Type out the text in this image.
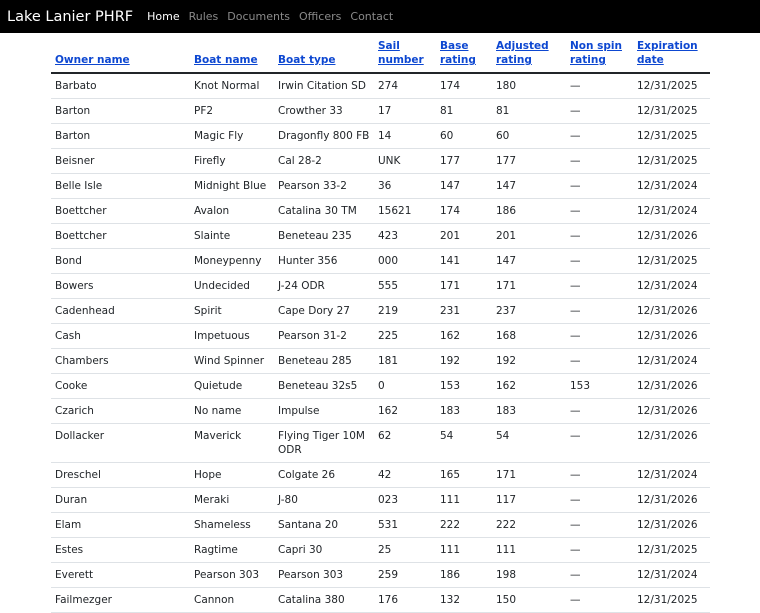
Lake Lanier PHRF Home Rules Documents Officers Contact
Owner name	Boat name	Boat type	Sail number	Base rating	Adjusted rating	Non spin rating	Expiration date
Barbato	Knot Normal	Irwin Citation SD	274	174	180	—	12/31/2025
Barton	PF2	Crowther 33	17	81	81	—	12/31/2025
Barton	Magic Fly	Dragonfly 800 FB	14	60	60	—	12/31/2025
Beisner	Firefly	Cal 28-2	UNK	177	177	—	12/31/2025
Belle Isle	Midnight Blue	Pearson 33-2	36	147	147	—	12/31/2024
Boettcher	Avalon	Catalina 30 TM	15621	174	186	—	12/31/2024
Boettcher	Slainte	Beneteau 235	423	201	201	—	12/31/2026
Bond	Moneypenny	Hunter 356	000	141	147	—	12/31/2025
Bowers	Undecided	J-24 ODR	555	171	171	—	12/31/2024
Cadenhead	Spirit	Cape Dory 27	219	231	237	—	12/31/2026
Cash	Impetuous	Pearson 31-2	225	162	168	—	12/31/2026
Chambers	Wind Spinner	Beneteau 285	181	192	192	—	12/31/2024
Cooke	Quietude	Beneteau 32s5	0	153	162	153	12/31/2026
Czarich	No name	Impulse	162	183	183	—	12/31/2026
Dollacker	Maverick	Flying Tiger 10M ODR	62	54	54	—	12/31/2026
Dreschel	Hope	Colgate 26	42	165	171	—	12/31/2024
Duran	Meraki	J-80	023	111	117	—	12/31/2026
Elam	Shameless	Santana 20	531	222	222	—	12/31/2026
Estes	Ragtime	Capri 30	25	111	111	—	12/31/2025
Everett	Pearson 303	Pearson 303	259	186	198	—	12/31/2024
Failmezger	Cannon	Catalina 380	176	132	150	—	12/31/2025
